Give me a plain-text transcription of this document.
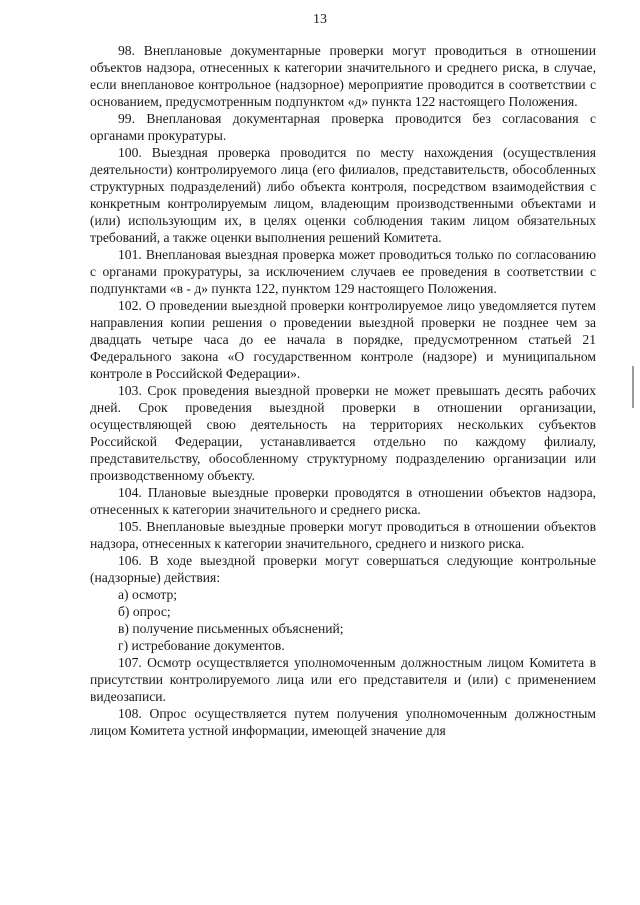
13

98. Внеплановые документарные проверки могут проводиться в отношении объектов надзора, отнесенных к категории значительного и среднего риска, в случае, если внеплановое контрольное (надзорное) мероприятие проводится в соответствии с основанием, предусмотренным подпунктом «д» пункта 122 настоящего Положения.

99. Внеплановая документарная проверка проводится без согласования с органами прокуратуры.

100. Выездная проверка проводится по месту нахождения (осуществления деятельности) контролируемого лица (его филиалов, представительств, обособленных структурных подразделений) либо объекта контроля, посредством взаимодействия с конкретным контролируемым лицом, владеющим производственными объектами и (или) использующим их, в целях оценки соблюдения таким лицом обязательных требований, а также оценки выполнения решений Комитета.

101. Внеплановая выездная проверка может проводиться только по согласованию с органами прокуратуры, за исключением случаев ее проведения в соответствии с подпунктами «в - д» пункта 122, пунктом 129 настоящего Положения.

102. О проведении выездной проверки контролируемое лицо уведомляется путем направления копии решения о проведении выездной проверки не позднее чем за двадцать четыре часа до ее начала в порядке, предусмотренном статьей 21 Федерального закона «О государственном контроле (надзоре) и муниципальном контроле в Российской Федерации».

103. Срок проведения выездной проверки не может превышать десять рабочих дней. Срок проведения выездной проверки в отношении организации, осуществляющей свою деятельность на территориях нескольких субъектов Российской Федерации, устанавливается отдельно по каждому филиалу, представительству, обособленному структурному подразделению организации или производственному объекту.

104. Плановые выездные проверки проводятся в отношении объектов надзора, отнесенных к категории значительного и среднего риска.

105. Внеплановые выездные проверки могут проводиться в отношении объектов надзора, отнесенных к категории значительного, среднего и низкого риска.

106. В ходе выездной проверки могут совершаться следующие контрольные (надзорные) действия:

а) осмотр;

б) опрос;

в) получение письменных объяснений;

г) истребование документов.

107. Осмотр осуществляется уполномоченным должностным лицом Комитета в присутствии контролируемого лица или его представителя и (или) с применением видеозаписи.

108. Опрос осуществляется путем получения уполномоченным должностным лицом Комитета устной информации, имеющей значение для
